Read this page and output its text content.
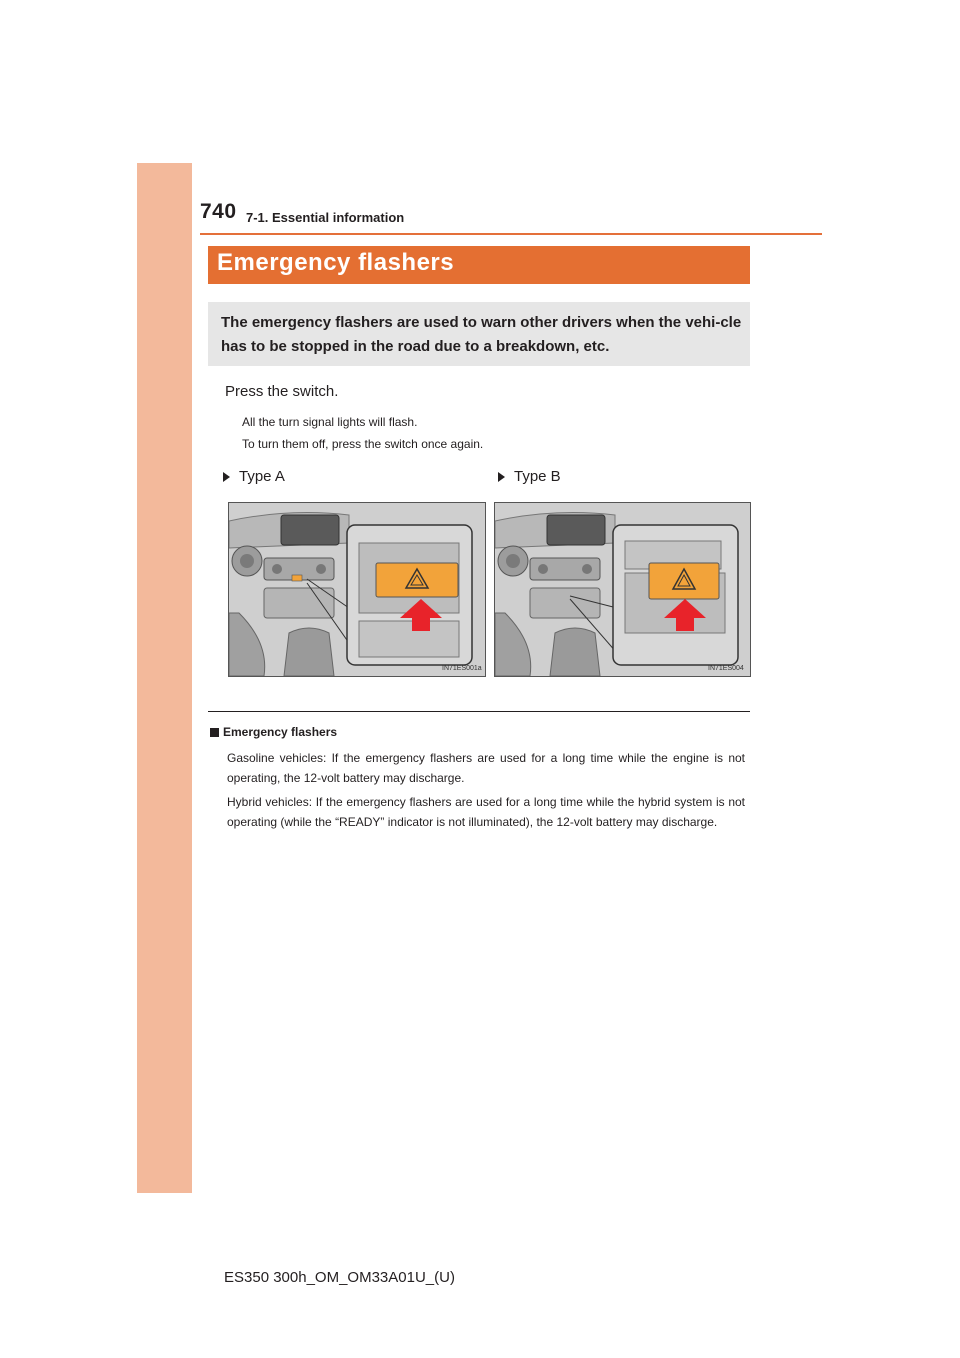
740 7-1. Essential information
Emergency flashers

The emergency flashers are used to warn other drivers when the vehi-cle has to be stopped in the road due to a breakdown, etc.

Press the switch.
All the turn signal lights will flash.
To turn them off, press the switch once again.
Type A	Type B
IN71ES001a	IN71ES004
Emergency flashers

Gasoline vehicles: If the emergency flashers are used for a long time while the engine is not operating, the 12-volt battery may discharge.

Hybrid vehicles: If the emergency flashers are used for a long time while the hybrid system is not operating (while the “READY” indicator is not illuminated), the 12-volt battery may discharge.

ES350 300h_OM_OM33A01U_(U)
